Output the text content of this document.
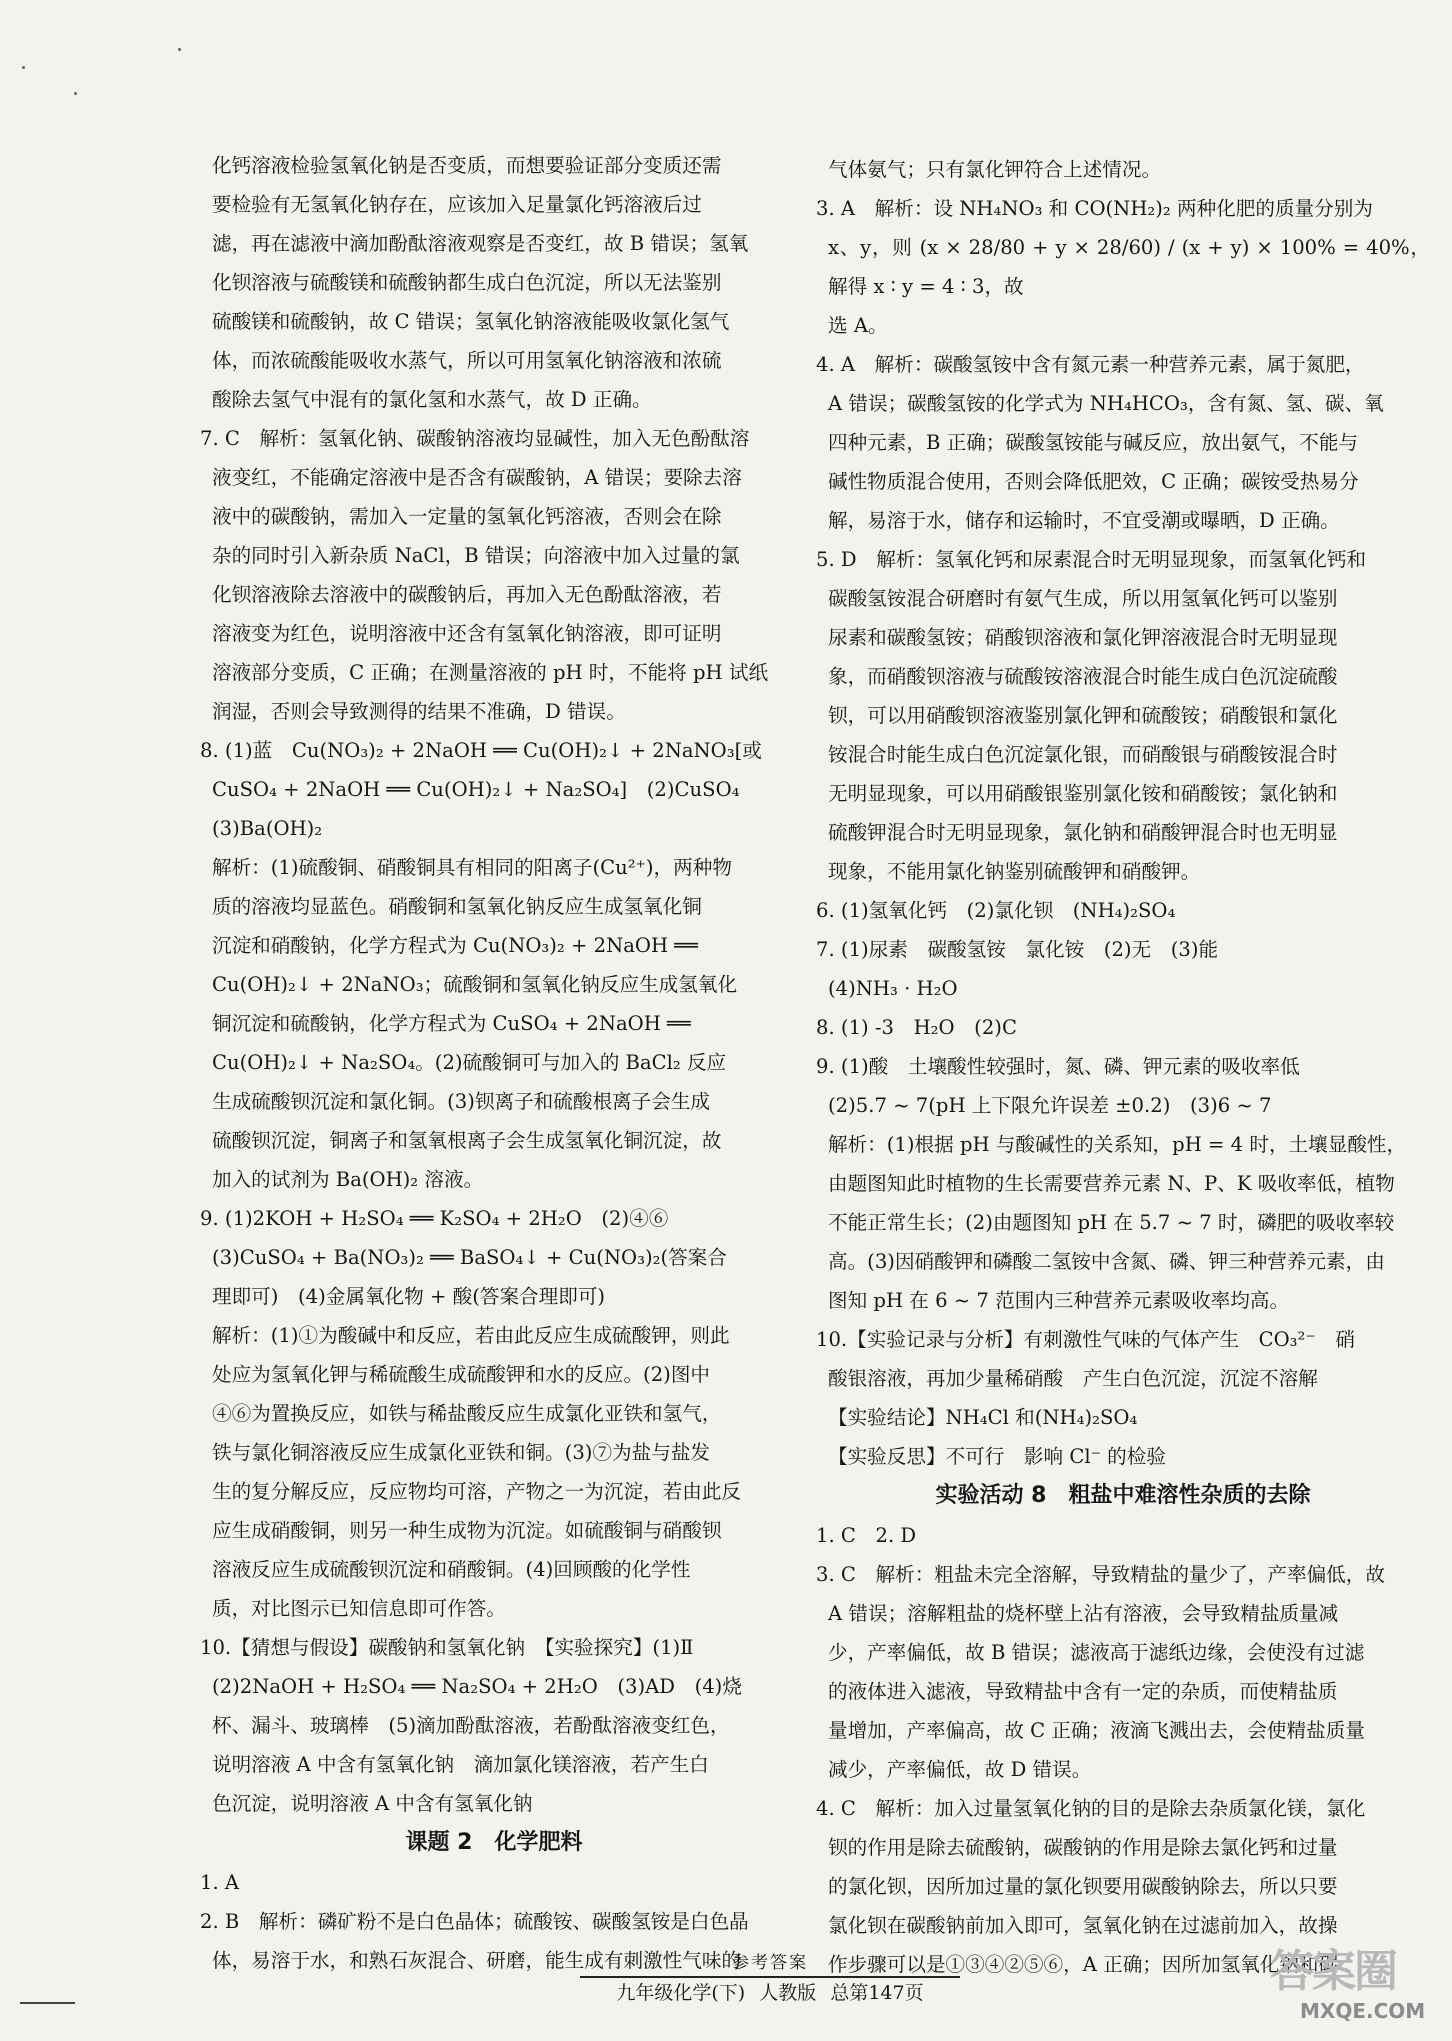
化钙溶液检验氢氧化钠是否变质，而想要验证部分变质还需

要检验有无氢氧化钠存在，应该加入足量氯化钙溶液后过

滤，再在滤液中滴加酚酞溶液观察是否变红，故 B 错误；氢氧

化钡溶液与硫酸镁和硫酸钠都生成白色沉淀，所以无法鉴别

硫酸镁和硫酸钠，故 C 错误；氢氧化钠溶液能吸收氯化氢气

体，而浓硫酸能吸收水蒸气，所以可用氢氧化钠溶液和浓硫

酸除去氢气中混有的氯化氢和水蒸气，故 D 正确。

7. C　解析：氢氧化钠、碳酸钠溶液均显碱性，加入无色酚酞溶

液变红，不能确定溶液中是否含有碳酸钠，A 错误；要除去溶

液中的碳酸钠，需加入一定量的氢氧化钙溶液，否则会在除

杂的同时引入新杂质 NaCl，B 错误；向溶液中加入过量的氯

化钡溶液除去溶液中的碳酸钠后，再加入无色酚酞溶液，若

溶液变为红色，说明溶液中还含有氢氧化钠溶液，即可证明

溶液部分变质，C 正确；在测量溶液的 pH 时，不能将 pH 试纸

润湿，否则会导致测得的结果不准确，D 错误。

8. (1)蓝　Cu(NO₃)₂ + 2NaOH ══ Cu(OH)₂↓ + 2NaNO₃[或

CuSO₄ + 2NaOH ══ Cu(OH)₂↓ + Na₂SO₄]　(2)CuSO₄

(3)Ba(OH)₂

解析：(1)硫酸铜、硝酸铜具有相同的阳离子(Cu²⁺)，两种物

质的溶液均显蓝色。硝酸铜和氢氧化钠反应生成氢氧化铜

沉淀和硝酸钠，化学方程式为 Cu(NO₃)₂ + 2NaOH ══

Cu(OH)₂↓ + 2NaNO₃；硫酸铜和氢氧化钠反应生成氢氧化

铜沉淀和硫酸钠，化学方程式为 CuSO₄ + 2NaOH ══

Cu(OH)₂↓ + Na₂SO₄。(2)硫酸铜可与加入的 BaCl₂ 反应

生成硫酸钡沉淀和氯化铜。(3)钡离子和硫酸根离子会生成

硫酸钡沉淀，铜离子和氢氧根离子会生成氢氧化铜沉淀，故

加入的试剂为 Ba(OH)₂ 溶液。

9. (1)2KOH + H₂SO₄ ══ K₂SO₄ + 2H₂O　(2)④⑥

(3)CuSO₄ + Ba(NO₃)₂ ══ BaSO₄↓ + Cu(NO₃)₂(答案合

理即可)　(4)金属氧化物 + 酸(答案合理即可)

解析：(1)①为酸碱中和反应，若由此反应生成硫酸钾，则此

处应为氢氧化钾与稀硫酸生成硫酸钾和水的反应。(2)图中

④⑥为置换反应，如铁与稀盐酸反应生成氯化亚铁和氢气，

铁与氯化铜溶液反应生成氯化亚铁和铜。(3)⑦为盐与盐发

生的复分解反应，反应物均可溶，产物之一为沉淀，若由此反

应生成硝酸铜，则另一种生成物为沉淀。如硫酸铜与硝酸钡

溶液反应生成硫酸钡沉淀和硝酸铜。(4)回顾酸的化学性

质，对比图示已知信息即可作答。

10.【猜想与假设】碳酸钠和氢氧化钠　【实验探究】(1)Ⅱ

(2)2NaOH + H₂SO₄ ══ Na₂SO₄ + 2H₂O　(3)AD　(4)烧

杯、漏斗、玻璃棒　(5)滴加酚酞溶液，若酚酞溶液变红色，

说明溶液 A 中含有氢氧化钠　滴加氯化镁溶液，若产生白

色沉淀，说明溶液 A 中含有氢氧化钠

课题 2　化学肥料

1. A

2. B　解析：磷矿粉不是白色晶体；硫酸铵、碳酸氢铵是白色晶

体，易溶于水，和熟石灰混合、研磨，能生成有刺激性气味的

气体氨气；只有氯化钾符合上述情况。

3. A　解析：设 NH₄NO₃ 和 CO(NH₂)₂ 两种化肥的质量分别为

x、y，则 (x × 28/80 + y × 28/60) / (x + y) × 100% = 40%，解得 x ∶ y = 4 ∶ 3，故

选 A。

4. A　解析：碳酸氢铵中含有氮元素一种营养元素，属于氮肥，

A 错误；碳酸氢铵的化学式为 NH₄HCO₃，含有氮、氢、碳、氧

四种元素，B 正确；碳酸氢铵能与碱反应，放出氨气，不能与

碱性物质混合使用，否则会降低肥效，C 正确；碳铵受热易分

解，易溶于水，储存和运输时，不宜受潮或曝晒，D 正确。

5. D　解析：氢氧化钙和尿素混合时无明显现象，而氢氧化钙和

碳酸氢铵混合研磨时有氨气生成，所以用氢氧化钙可以鉴别

尿素和碳酸氢铵；硝酸钡溶液和氯化钾溶液混合时无明显现

象，而硝酸钡溶液与硫酸铵溶液混合时能生成白色沉淀硫酸

钡，可以用硝酸钡溶液鉴别氯化钾和硫酸铵；硝酸银和氯化

铵混合时能生成白色沉淀氯化银，而硝酸银与硝酸铵混合时

无明显现象，可以用硝酸银鉴别氯化铵和硝酸铵；氯化钠和

硫酸钾混合时无明显现象，氯化钠和硝酸钾混合时也无明显

现象，不能用氯化钠鉴别硫酸钾和硝酸钾。

6. (1)氢氧化钙　(2)氯化钡　(NH₄)₂SO₄

7. (1)尿素　碳酸氢铵　氯化铵　(2)无　(3)能

(4)NH₃ · H₂O

8. (1) -3　H₂O　(2)C

9. (1)酸　土壤酸性较强时，氮、磷、钾元素的吸收率低

(2)5.7 ~ 7(pH 上下限允许误差 ±0.2)　(3)6 ~ 7

解析：(1)根据 pH 与酸碱性的关系知，pH = 4 时，土壤显酸性，

由题图知此时植物的生长需要营养元素 N、P、K 吸收率低，植物

不能正常生长；(2)由题图知 pH 在 5.7 ~ 7 时，磷肥的吸收率较

高。(3)因硝酸钾和磷酸二氢铵中含氮、磷、钾三种营养元素，由

图知 pH 在 6 ~ 7 范围内三种营养元素吸收率均高。

10.【实验记录与分析】有刺激性气味的气体产生　CO₃²⁻　硝

酸银溶液，再加少量稀硝酸　产生白色沉淀，沉淀不溶解

【实验结论】NH₄Cl 和(NH₄)₂SO₄

【实验反思】不可行　影响 Cl⁻ 的检验

实验活动 8　粗盐中难溶性杂质的去除

1. C　2. D

3. C　解析：粗盐未完全溶解，导致精盐的量少了，产率偏低，故

A 错误；溶解粗盐的烧杯壁上沾有溶液，会导致精盐质量减

少，产率偏低，故 B 错误；滤液高于滤纸边缘，会使没有过滤

的液体进入滤液，导致精盐中含有一定的杂质，而使精盐质

量增加，产率偏高，故 C 正确；液滴飞溅出去，会使精盐质量

减少，产率偏低，故 D 错误。

4. C　解析：加入过量氢氧化钠的目的是除去杂质氯化镁，氯化

钡的作用是除去硫酸钠，碳酸钠的作用是除去氯化钙和过量

的氯化钡，因所加过量的氯化钡要用碳酸钠除去，所以只要

氯化钡在碳酸钠前加入即可，氢氧化钠在过滤前加入，故操

作步骤可以是①③④②⑤⑥，A 正确；因所加氢氧化钠和碳

参考答案
九年级化学(下) 人教版 总第147页	答案圈
MXQE.COM
